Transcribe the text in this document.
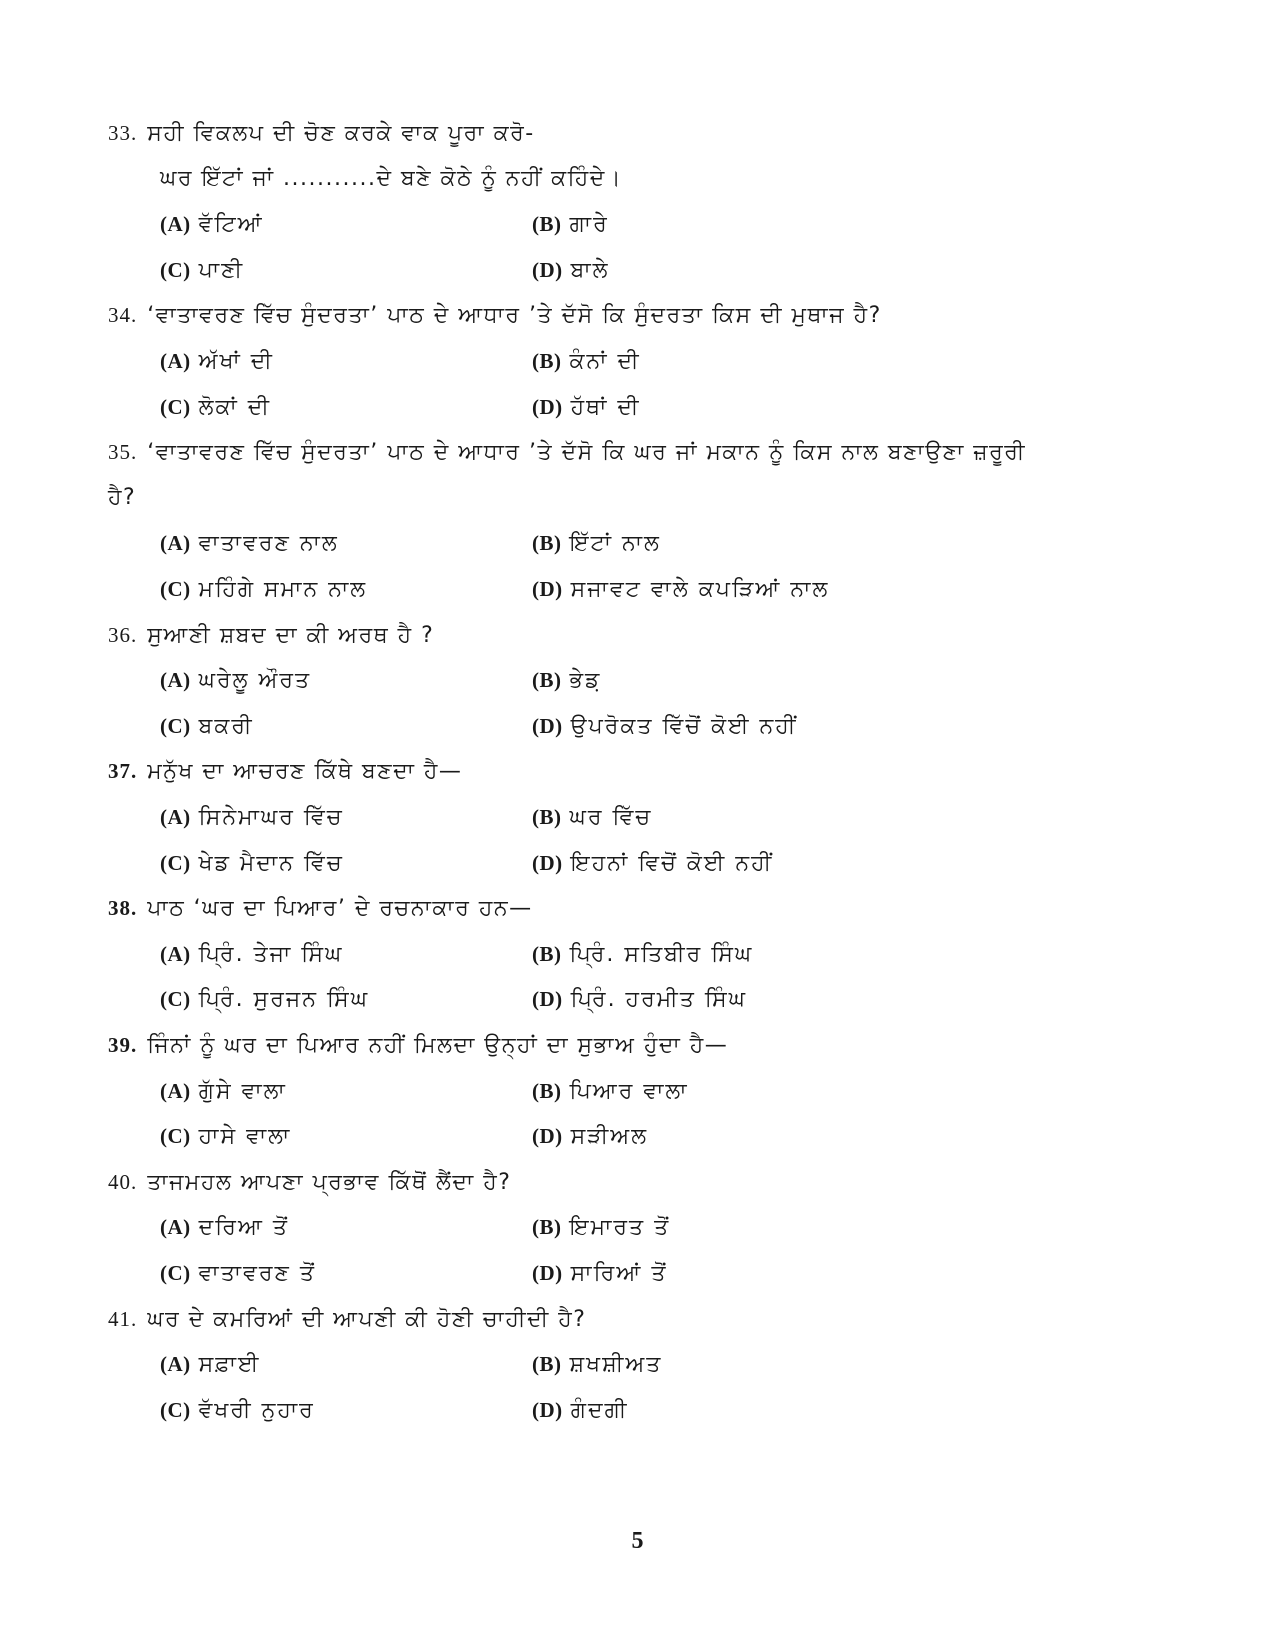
33. ਸਹੀ ਵਿਕਲਪ ਦੀ ਚੋਣ ਕਰਕੇ ਵਾਕ ਪੂਰਾ ਕਰੋ-
ਘਰ ਇੱਟਾਂ ਜਾਂ ...........ਦੇ ਬਣੇ ਕੋਠੇ ਨੂੰ ਨਹੀਂ ਕਹਿੰਦੇ।
(A) ਵੱਟਿਆਂ	(B) ਗਾਰੇ
(C) ਪਾਣੀ	(D) ਬਾਲੇ
34. ‘ਵਾਤਾਵਰਣ ਵਿੱਚ ਸੁੰਦਰਤਾ’ ਪਾਠ ਦੇ ਆਧਾਰ ’ਤੇ ਦੱਸੋ ਕਿ ਸੁੰਦਰਤਾ ਕਿਸ ਦੀ ਮੁਥਾਜ ਹੈ?
(A) ਅੱਖਾਂ ਦੀ	(B) ਕੰਨਾਂ ਦੀ
(C) ਲੋਕਾਂ ਦੀ	(D) ਹੱਥਾਂ ਦੀ
35. ‘ਵਾਤਾਵਰਣ ਵਿੱਚ ਸੁੰਦਰਤਾ’ ਪਾਠ ਦੇ ਆਧਾਰ ’ਤੇ ਦੱਸੋ ਕਿ ਘਰ ਜਾਂ ਮਕਾਨ ਨੂੰ ਕਿਸ ਨਾਲ ਬਣਾਉਣਾ ਜ਼ਰੂਰੀ
ਹੈ?
(A) ਵਾਤਾਵਰਣ ਨਾਲ	(B) ਇੱਟਾਂ ਨਾਲ
(C) ਮਹਿੰਗੇ ਸਮਾਨ ਨਾਲ	(D) ਸਜਾਵਟ ਵਾਲੇ ਕਪੜਿਆਂ ਨਾਲ
36. ਸੁਆਣੀ ਸ਼ਬਦ ਦਾ ਕੀ ਅਰਥ ਹੈ ?
(A) ਘਰੇਲੂ ਔਰਤ	(B) ਭੇਡ਼
(C) ਬਕਰੀ	(D) ਉਪਰੋਕਤ ਵਿੱਚੋਂ ਕੋਈ ਨਹੀਂ
37. ਮਨੁੱਖ ਦਾ ਆਚਰਣ ਕਿੱਥੇ ਬਣਦਾ ਹੈ—
(A) ਸਿਨੇਮਾਘਰ ਵਿੱਚ	(B) ਘਰ ਵਿੱਚ
(C) ਖੇਡ ਮੈਦਾਨ ਵਿੱਚ	(D) ਇਹਨਾਂ ਵਿਚੋਂ ਕੋਈ ਨਹੀਂ
38. ਪਾਠ ‘ਘਰ ਦਾ ਪਿਆਰ’ ਦੇ ਰਚਨਾਕਾਰ ਹਨ—
(A) ਪ੍ਰਿੰ. ਤੇਜਾ ਸਿੰਘ	(B) ਪ੍ਰਿੰ. ਸਤਿਬੀਰ ਸਿੰਘ
(C) ਪ੍ਰਿੰ. ਸੁਰਜਨ ਸਿੰਘ	(D) ਪ੍ਰਿੰ. ਹਰਮੀਤ ਸਿੰਘ
39. ਜਿੰਨਾਂ ਨੂੰ ਘਰ ਦਾ ਪਿਆਰ ਨਹੀਂ ਮਿਲਦਾ ਉਨ੍ਹਾਂ ਦਾ ਸੁਭਾਅ ਹੁੰਦਾ ਹੈ—
(A) ਗੁੱਸੇ ਵਾਲਾ	(B) ਪਿਆਰ ਵਾਲਾ
(C) ਹਾਸੇ ਵਾਲਾ	(D) ਸੜੀਅਲ
40. ਤਾਜਮਹਲ ਆਪਣਾ ਪ੍ਰਭਾਵ ਕਿੱਥੋਂ ਲੈਂਦਾ ਹੈ?
(A) ਦਰਿਆ ਤੋਂ	(B) ਇਮਾਰਤ ਤੋਂ
(C) ਵਾਤਾਵਰਣ ਤੋਂ	(D) ਸਾਰਿਆਂ ਤੋਂ
41. ਘਰ ਦੇ ਕਮਰਿਆਂ ਦੀ ਆਪਣੀ ਕੀ ਹੋਣੀ ਚਾਹੀਦੀ ਹੈ?
(A) ਸਫ਼ਾਈ	(B) ਸ਼ਖਸ਼ੀਅਤ
(C) ਵੱਖਰੀ ਨੁਹਾਰ	(D) ਗੰਦਗੀ
5
